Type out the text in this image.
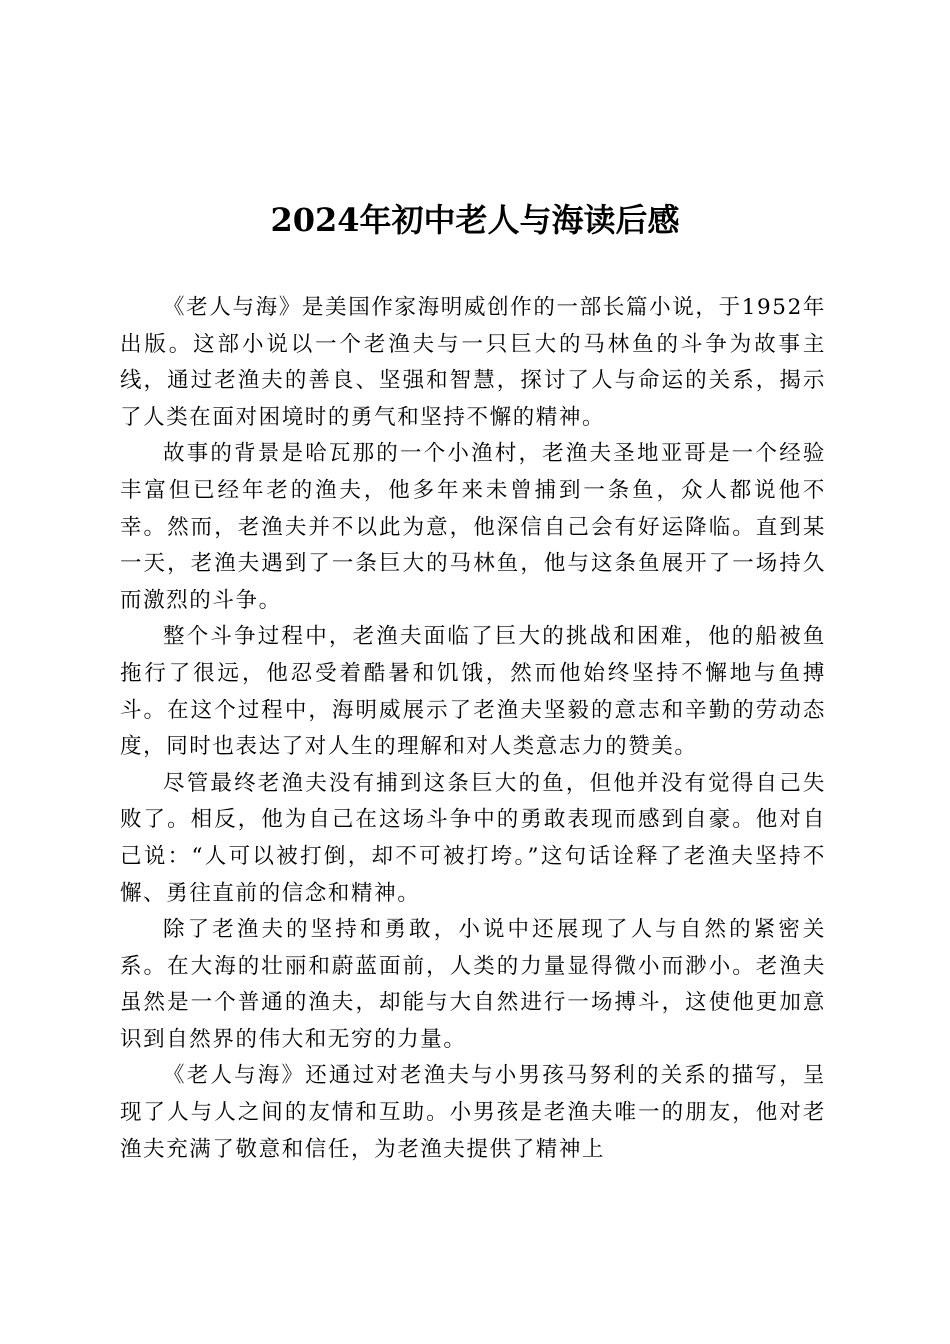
2024年初中老人与海读后感

《老人与海》是美国作家海明威创作的一部长篇小说，于1952年出版。这部小说以一个老渔夫与一只巨大的马林鱼的斗争为故事主线，通过老渔夫的善良、坚强和智慧，探讨了人与命运的关系，揭示了人类在面对困境时的勇气和坚持不懈的精神。

故事的背景是哈瓦那的一个小渔村，老渔夫圣地亚哥是一个经验丰富但已经年老的渔夫，他多年来未曾捕到一条鱼，众人都说他不幸。然而，老渔夫并不以此为意，他深信自己会有好运降临。直到某一天，老渔夫遇到了一条巨大的马林鱼，他与这条鱼展开了一场持久而激烈的斗争。

整个斗争过程中，老渔夫面临了巨大的挑战和困难，他的船被鱼拖行了很远，他忍受着酷暑和饥饿，然而他始终坚持不懈地与鱼搏斗。在这个过程中，海明威展示了老渔夫坚毅的意志和辛勤的劳动态度，同时也表达了对人生的理解和对人类意志力的赞美。

尽管最终老渔夫没有捕到这条巨大的鱼，但他并没有觉得自己失败了。相反，他为自己在这场斗争中的勇敢表现而感到自豪。他对自己说：“人可以被打倒，却不可被打垮。”这句话诠释了老渔夫坚持不懈、勇往直前的信念和精神。

除了老渔夫的坚持和勇敢，小说中还展现了人与自然的紧密关系。在大海的壮丽和蔚蓝面前，人类的力量显得微小而渺小。老渔夫虽然是一个普通的渔夫，却能与大自然进行一场搏斗，这使他更加意识到自然界的伟大和无穷的力量。

《老人与海》还通过对老渔夫与小男孩马努利的关系的描写，呈现了人与人之间的友情和互助。小男孩是老渔夫唯一的朋友，他对老渔夫充满了敬意和信任，为老渔夫提供了精神上
